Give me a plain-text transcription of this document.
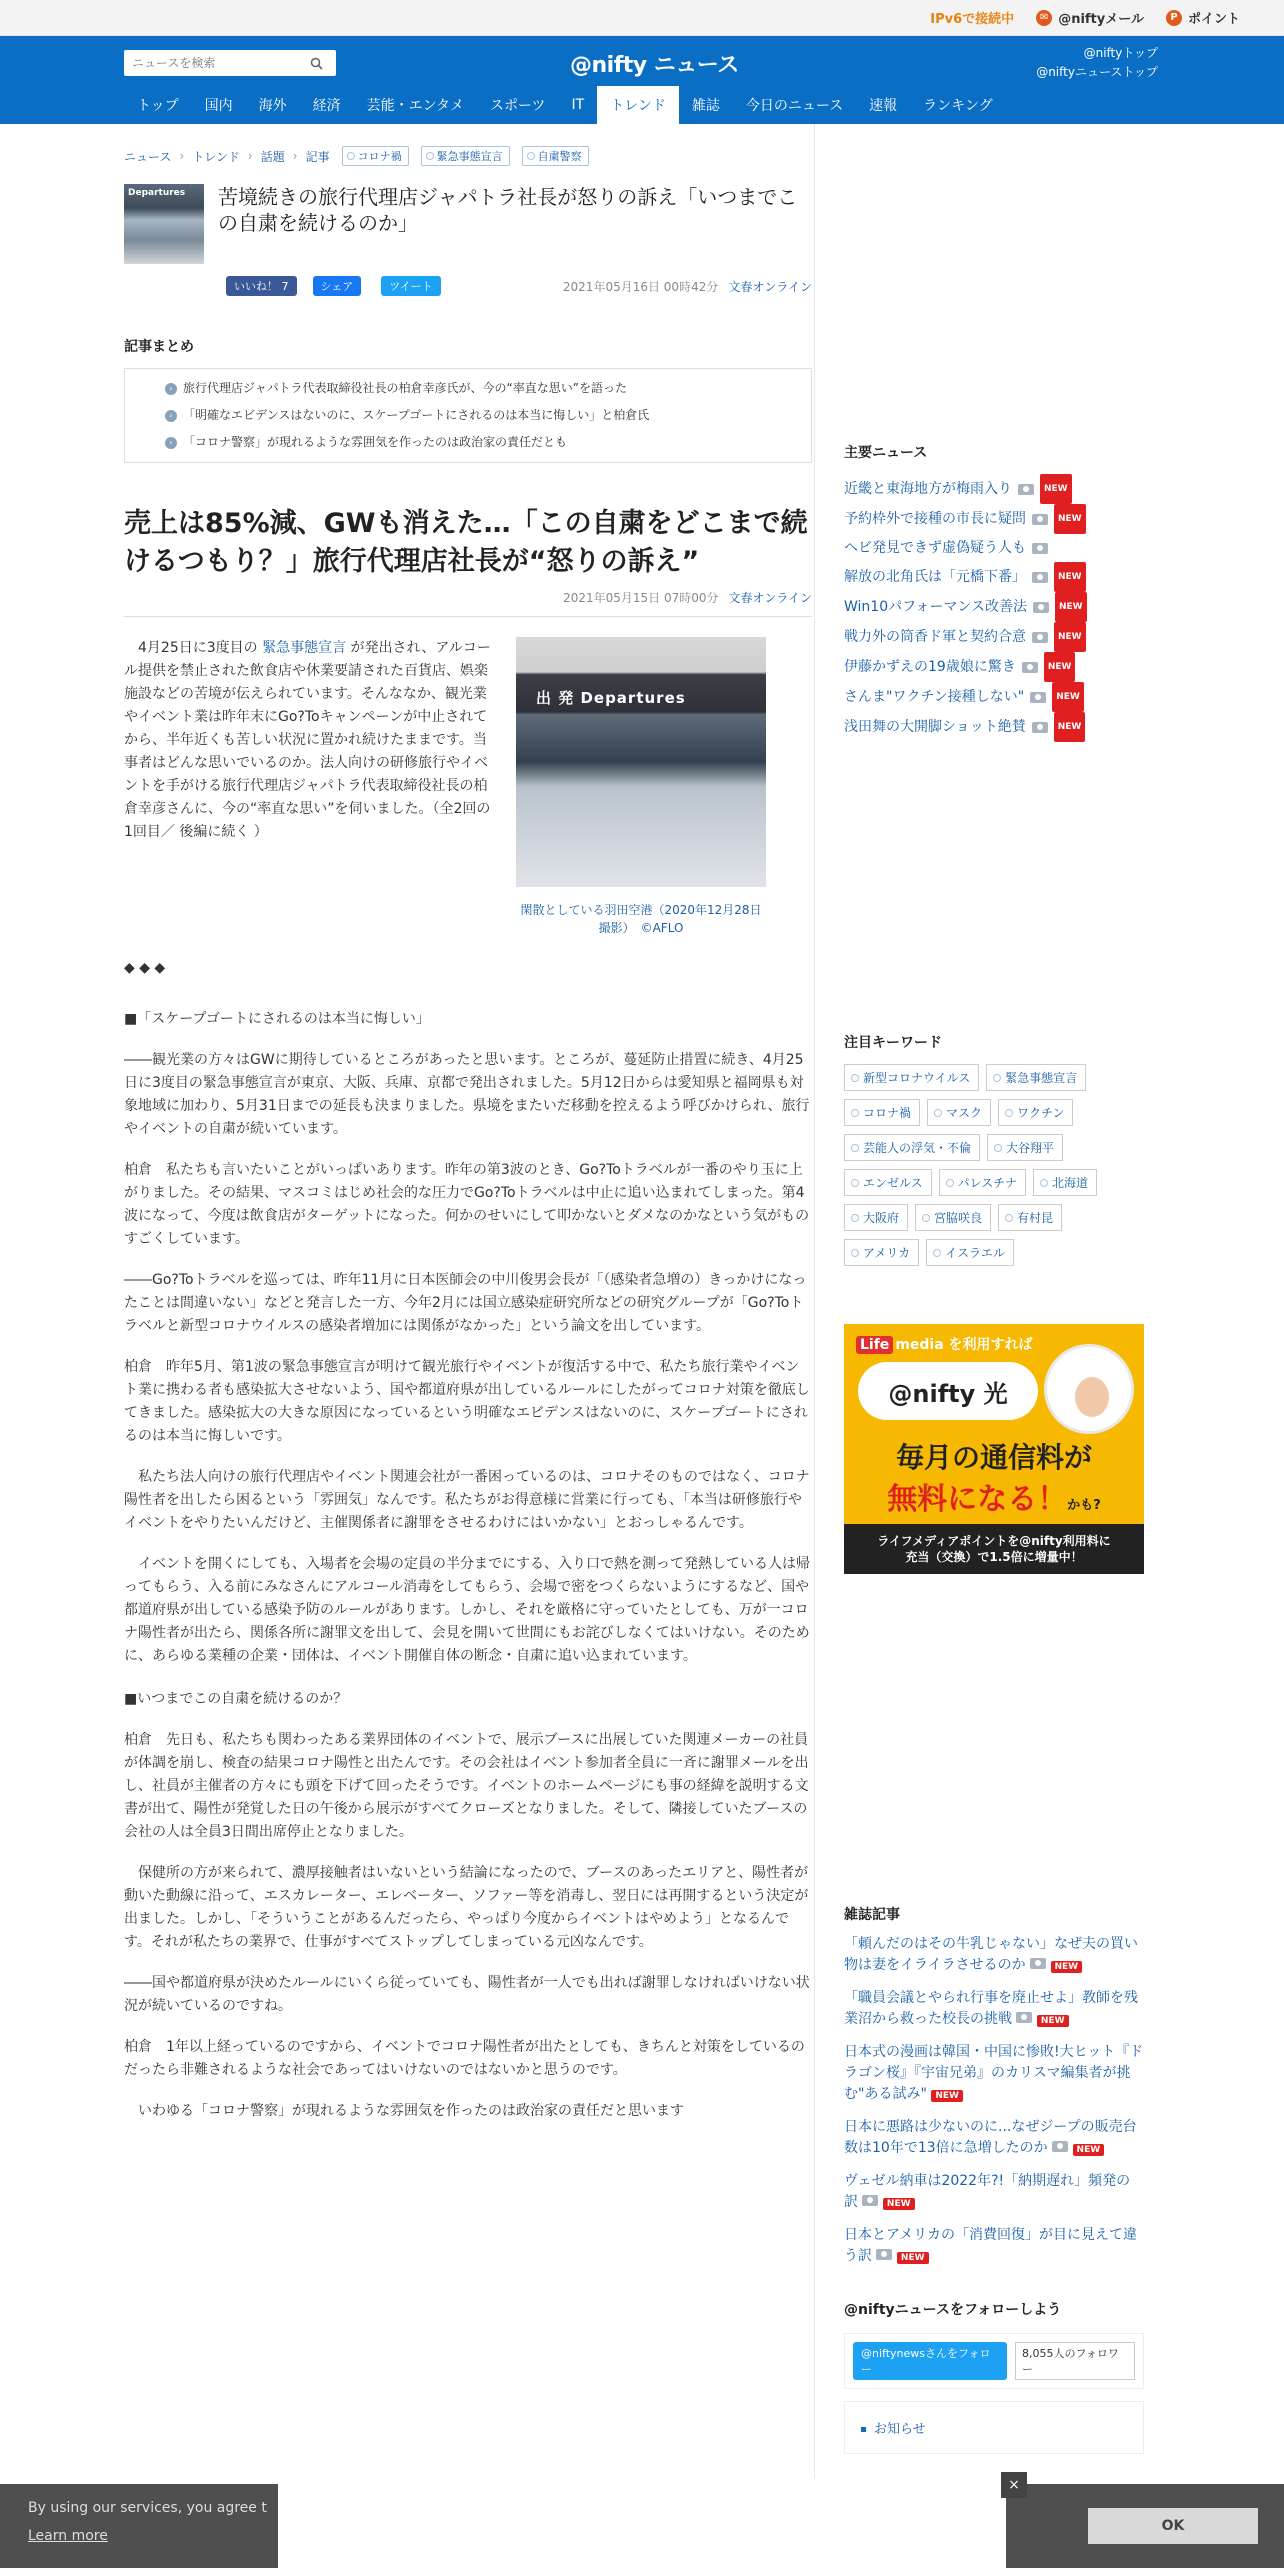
IPv6で接続中	✉ @niftyメール	P ポイント
ニュースを検索
@nifty ニュース	@niftyトップ
@niftyニューストップ
トップ	国内	海外	経済	芸能・エンタメ	スポーツ	IT	トレンド	雑誌	今日のニュース	速報	ランキング
ニュース › トレンド › 話題 › 記事	コロナ禍	緊急事態宣言	自粛警察
Departures 苦境続きの旅行代理店ジャパトラ社長が怒りの訴え「いつまでこの自粛を続けるのか」
いいね！ 7	シェア	ツイート	2021年05月16日 00時42分 文春オンライン
記事まとめ
› 旅行代理店ジャパトラ代表取締役社長の柏倉幸彦氏が、今の“率直な思い”を語った
› 「明確なエビデンスはないのに、スケープゴートにされるのは本当に悔しい」と柏倉氏
› 「コロナ警察」が現れるような雰囲気を作ったのは政治家の責任だとも
売上は85%減、GWも消えた…「この自粛をどこまで続けるつもり？」旅行代理店社長が“怒りの訴え”
2021年05月15日 07時00分 文春オンライン

4月25日に3度目の 緊急事態宣言 が発出され、アルコール提供を禁止された飲食店や休業要請された百貨店、娯楽施設などの苦境が伝えられています。そんななか、観光業やイベント業は昨年末にGo?Toキャンペーンが中止されてから、半年近くも苦しい状況に置かれ続けたままです。当事者はどんな思いでいるのか。法人向けの研修旅行やイベントを手がける旅行代理店ジャパトラ代表取締役社長の柏倉幸彦さんに、今の“率直な思い”を伺いました。（全2回の1回目／ 後編に続く ）

出 発 Departures
閑散としている羽田空港（2020年12月28日撮影）　©AFLO

◆ ◆ ◆

■「スケープゴートにされるのは本当に悔しい」

――観光業の方々はGWに期待しているところがあったと思います。ところが、蔓延防止措置に続き、4月25日に3度目の緊急事態宣言が東京、大阪、兵庫、京都で発出されました。5月12日からは愛知県と福岡県も対象地域に加わり、5月31日までの延長も決まりました。県境をまたいだ移動を控えるよう呼びかけられ、旅行やイベントの自粛が続いています。

柏倉　私たちも言いたいことがいっぱいあります。昨年の第3波のとき、Go?Toトラベルが一番のやり玉に上がりました。その結果、マスコミはじめ社会的な圧力でGo?Toトラベルは中止に追い込まれてしまった。第4波になって、今度は飲食店がターゲットになった。何かのせいにして叩かないとダメなのかなという気がものすごくしています。

――Go?Toトラベルを巡っては、昨年11月に日本医師会の中川俊男会長が「（感染者急増の）きっかけになったことは間違いない」などと発言した一方、今年2月には国立感染症研究所などの研究グループが「Go?Toトラベルと新型コロナウイルスの感染者増加には関係がなかった」という論文を出しています。

柏倉　昨年5月、第1波の緊急事態宣言が明けて観光旅行やイベントが復活する中で、私たち旅行業やイベント業に携わる者も感染拡大させないよう、国や都道府県が出しているルールにしたがってコロナ対策を徹底してきました。感染拡大の大きな原因になっているという明確なエビデンスはないのに、スケープゴートにされるのは本当に悔しいです。

私たち法人向けの旅行代理店やイベント関連会社が一番困っているのは、コロナそのものではなく、コロナ陽性者を出したら困るという「雰囲気」なんです。私たちがお得意様に営業に行っても、「本当は研修旅行やイベントをやりたいんだけど、主催関係者に謝罪をさせるわけにはいかない」とおっしゃるんです。

イベントを開くにしても、入場者を会場の定員の半分までにする、入り口で熱を測って発熱している人は帰ってもらう、入る前にみなさんにアルコール消毒をしてもらう、会場で密をつくらないようにするなど、国や都道府県が出している感染予防のルールがあります。しかし、それを厳格に守っていたとしても、万が一コロナ陽性者が出たら、関係各所に謝罪文を出して、会見を開いて世間にもお詫びしなくてはいけない。そのために、あらゆる業種の企業・団体は、イベント開催自体の断念・自粛に追い込まれています。

■いつまでこの自粛を続けるのか？

柏倉　先日も、私たちも関わったある業界団体のイベントで、展示ブースに出展していた関連メーカーの社員が体調を崩し、検査の結果コロナ陽性と出たんです。その会社はイベント参加者全員に一斉に謝罪メールを出し、社員が主催者の方々にも頭を下げて回ったそうです。イベントのホームページにも事の経緯を説明する文書が出て、陽性が発覚した日の午後から展示がすべてクローズとなりました。そして、隣接していたブースの会社の人は全員3日間出席停止となりました。

保健所の方が来られて、濃厚接触者はいないという結論になったので、ブースのあったエリアと、陽性者が動いた動線に沿って、エスカレーター、エレベーター、ソファー等を消毒し、翌日には再開するという決定が出ました。しかし、「そういうことがあるんだったら、やっぱり今度からイベントはやめよう」となるんです。それが私たちの業界で、仕事がすべてストップしてしまっている元凶なんです。

――国や都道府県が決めたルールにいくら従っていても、陽性者が一人でも出れば謝罪しなければいけない状況が続いているのですね。

柏倉　1年以上経っているのですから、イベントでコロナ陽性者が出たとしても、きちんと対策をしているのだったら非難されるような社会であってはいけないのではないかと思うのです。

いわゆる「コロナ警察」が現れるような雰囲気を作ったのは政治家の責任だと思います

主要ニュース
近畿と東海地方が梅雨入り	NEW
予約枠外で接種の市長に疑問	NEW
ヘビ発見できず虚偽疑う人も
解放の北角氏は「元橋下番」	NEW
Win10パフォーマンス改善法	NEW
戦力外の筒香ド軍と契約合意	NEW
伊藤かずえの19歳娘に驚き	NEW
さんま"ワクチン接種しない"	NEW
浅田舞の大開脚ショット絶賛	NEW
注目キーワード
新型コロナウイルス	緊急事態宣言
コロナ禍	マスク	ワクチン
芸能人の浮気・不倫	大谷翔平
エンゼルス	パレスチナ	北海道
大阪府	宮脇咲良	有村昆
アメリカ	イスラエル
Life media を利用すれば
@nifty 光
毎月の通信料が
無料になる！かも?
ライフメディアポイントを@nifty利用料に
充当（交換）で1.5倍に増量中！
雑誌記事
「頼んだのはその牛乳じゃない」なぜ夫の買い物は妻をイライラさせるのか	NEW
「職員会議とやられ行事を廃止せよ」教師を残業沼から救った校長の挑戦	NEW
日本式の漫画は韓国・中国に惨敗!大ヒット『ドラゴン桜』『宇宙兄弟』のカリスマ編集者が挑む"ある試み" NEW
日本に悪路は少ないのに...なぜジープの販売台数は10年で13倍に急増したのか	NEW
ヴェゼル納車は2022年?!「納期遅れ」頻発の訳	NEW
日本とアメリカの「消費回復」が目に見えて違う訳	NEW
@niftyニュースをフォローしよう
@niftynewsさんをフォロー
8,055人のフォロワー
お知らせ
By using our services, you agree t
Learn more
OK
×
